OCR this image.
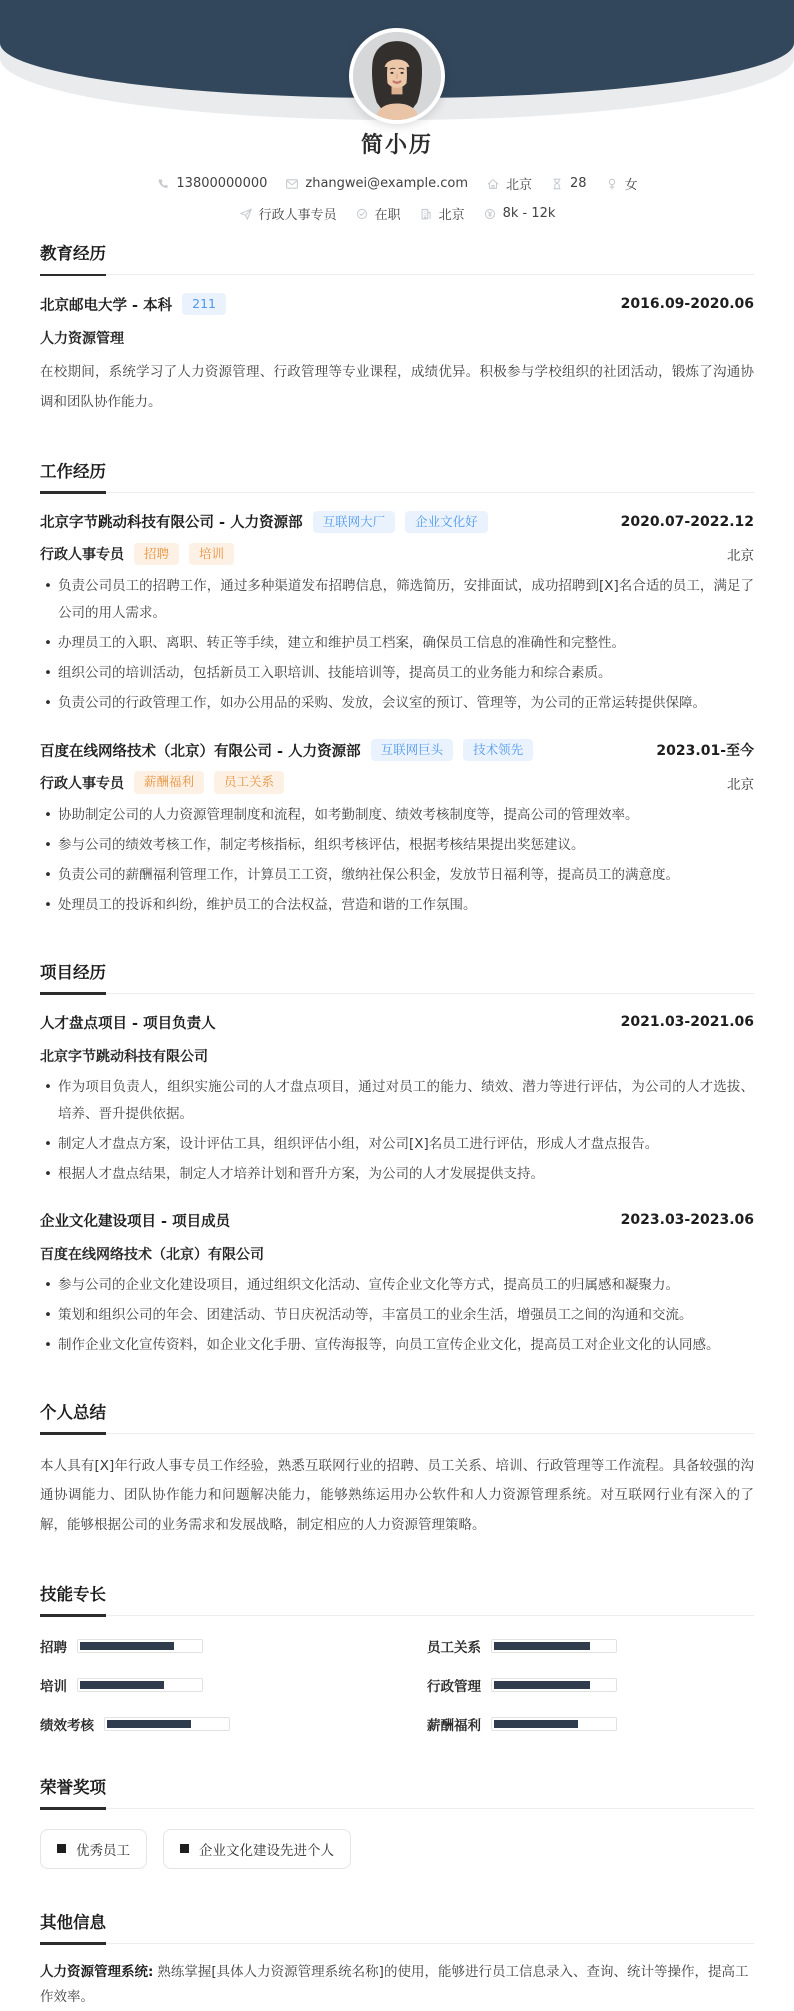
简小历
13800000000	zhangwei@example.com	北京	28	女
行政人事专员	在职	北京	8k - 12k
教育经历
北京邮电大学 - 本科	211	2016.09-2020.06
人力资源管理
在校期间，系统学习了人力资源管理、行政管理等专业课程，成绩优异。积极参与学校组织的社团活动，锻炼了沟通协调和团队协作能力。
工作经历
北京字节跳动科技有限公司 - 人力资源部	互联网大厂	企业文化好	2020.07-2022.12
行政人事专员	招聘	培训	北京
• 负责公司员工的招聘工作，通过多种渠道发布招聘信息，筛选简历，安排面试，成功招聘到[X]名合适的员工，满足了公司的用人需求。
• 办理员工的入职、离职、转正等手续，建立和维护员工档案，确保员工信息的准确性和完整性。
• 组织公司的培训活动，包括新员工入职培训、技能培训等，提高员工的业务能力和综合素质。
• 负责公司的行政管理工作，如办公用品的采购、发放，会议室的预订、管理等，为公司的正常运转提供保障。
百度在线网络技术（北京）有限公司 - 人力资源部	互联网巨头	技术领先	2023.01-至今
行政人事专员	薪酬福利	员工关系	北京
• 协助制定公司的人力资源管理制度和流程，如考勤制度、绩效考核制度等，提高公司的管理效率。
• 参与公司的绩效考核工作，制定考核指标，组织考核评估，根据考核结果提出奖惩建议。
• 负责公司的薪酬福利管理工作，计算员工工资，缴纳社保公积金，发放节日福利等，提高员工的满意度。
• 处理员工的投诉和纠纷，维护员工的合法权益，营造和谐的工作氛围。
项目经历
人才盘点项目 - 项目负责人	2021.03-2021.06
北京字节跳动科技有限公司
• 作为项目负责人，组织实施公司的人才盘点项目，通过对员工的能力、绩效、潜力等进行评估，为公司的人才选拔、培养、晋升提供依据。
• 制定人才盘点方案，设计评估工具，组织评估小组，对公司[X]名员工进行评估，形成人才盘点报告。
• 根据人才盘点结果，制定人才培养计划和晋升方案，为公司的人才发展提供支持。
企业文化建设项目 - 项目成员	2023.03-2023.06
百度在线网络技术（北京）有限公司
• 参与公司的企业文化建设项目，通过组织文化活动、宣传企业文化等方式，提高员工的归属感和凝聚力。
• 策划和组织公司的年会、团建活动、节日庆祝活动等，丰富员工的业余生活，增强员工之间的沟通和交流。
• 制作企业文化宣传资料，如企业文化手册、宣传海报等，向员工宣传企业文化，提高员工对企业文化的认同感。
个人总结
本人具有[X]年行政人事专员工作经验，熟悉互联网行业的招聘、员工关系、培训、行政管理等工作流程。具备较强的沟通协调能力、团队协作能力和问题解决能力，能够熟练运用办公软件和人力资源管理系统。对互联网行业有深入的了解，能够根据公司的业务需求和发展战略，制定相应的人力资源管理策略。
技能专长
招聘	员工关系
培训	行政管理
绩效考核	薪酬福利
荣誉奖项
优秀员工	企业文化建设先进个人
其他信息

人力资源管理系统: 熟练掌握[具体人力资源管理系统名称]的使用，能够进行员工信息录入、查询、统计等操作，提高工作效率。
